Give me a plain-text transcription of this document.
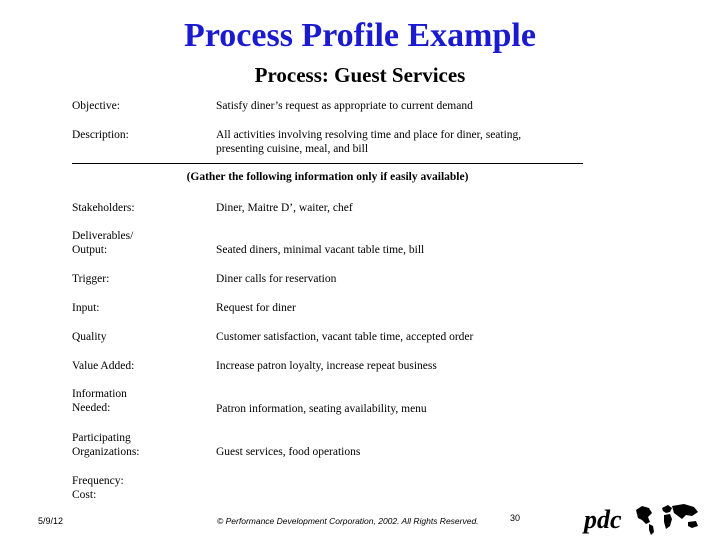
Process Profile Example
Process: Guest Services
Objective:	Satisfy diner’s request as appropriate to current demand
Description:	All activities involving resolving time and place for diner, seating, presenting cuisine, meal, and bill
(Gather the following information only if easily available)
Stakeholders:	Diner, Maitre D’, waiter, chef
Deliverables/ Output:	Seated diners, minimal vacant table time, bill
Trigger:	Diner calls for reservation
Input:	Request for diner
Quality	Customer satisfaction, vacant table time, accepted order
Value Added:	Increase patron loyalty, increase repeat business
Information Needed:	Patron information, seating availability, menu
Participating Organizations:	Guest services, food operations
Frequency: Cost:
5/9/12	© Performance Development Corporation, 2002. All Rights Reserved.	30 pdc
